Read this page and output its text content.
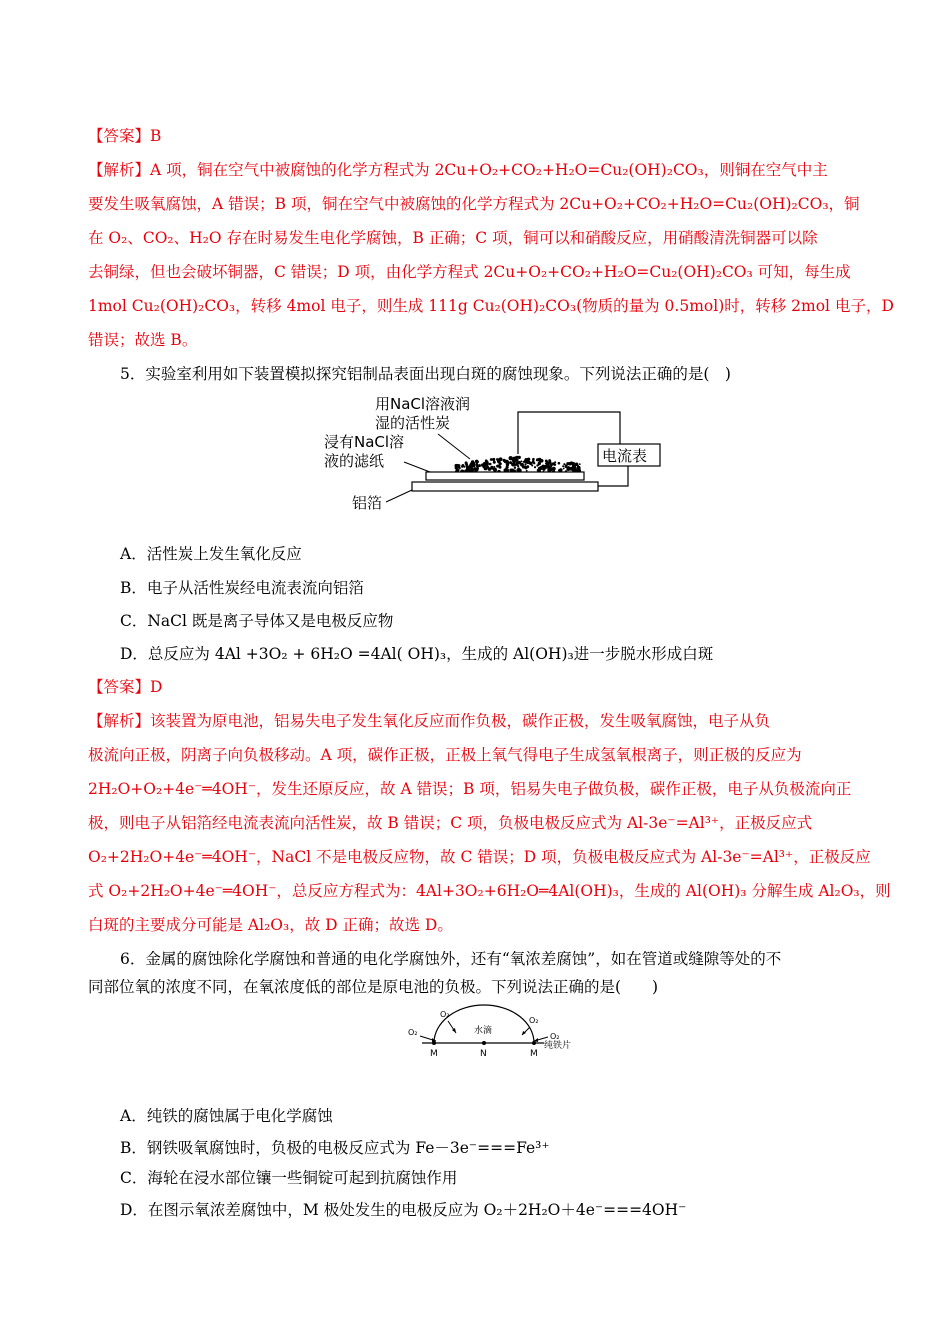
【答案】B
【解析】A 项，铜在空气中被腐蚀的化学方程式为 2Cu+O₂+CO₂+H₂O=Cu₂(OH)₂CO₃，则铜在空气中主
要发生吸氧腐蚀，A 错误；B 项，铜在空气中被腐蚀的化学方程式为 2Cu+O₂+CO₂+H₂O=Cu₂(OH)₂CO₃，铜
在 O₂、CO₂、H₂O 存在时易发生电化学腐蚀，B 正确；C 项，铜可以和硝酸反应，用硝酸清洗铜器可以除
去铜绿，但也会破坏铜器，C 错误；D 项，由化学方程式 2Cu+O₂+CO₂+H₂O=Cu₂(OH)₂CO₃ 可知，每生成
1mol Cu₂(OH)₂CO₃，转移 4mol 电子，则生成 111g Cu₂(OH)₂CO₃(物质的量为 0.5mol)时，转移 2mol 电子，D
错误；故选 B。
5．实验室利用如下装置模拟探究铝制品表面出现白斑的腐蚀现象。下列说法正确的是(　)
用NaCl溶液润
湿的活性炭
浸有NaCl溶
液的滤纸
铝箔
电流表
A．活性炭上发生氧化反应
B．电子从活性炭经电流表流向铝箔
C．NaCl 既是离子导体又是电极反应物
D．总反应为 4Al +3O₂ + 6H₂O =4Al( OH)₃，生成的 Al(OH)₃进一步脱水形成白斑
【答案】D
【解析】该装置为原电池，铝易失电子发生氧化反应而作负极，碳作正极，发生吸氧腐蚀，电子从负
极流向正极，阴离子向负极移动。A 项，碳作正极，正极上氧气得电子生成氢氧根离子，则正极的反应为
2H₂O+O₂+4e⁻═4OH⁻，发生还原反应，故 A 错误；B 项，铝易失电子做负极，碳作正极，电子从负极流向正
极，则电子从铝箔经电流表流向活性炭，故 B 错误；C 项，负极电极反应式为 Al-3e⁻=Al³⁺，正极反应式
O₂+2H₂O+4e⁻═4OH⁻，NaCl 不是电极反应物，故 C 错误；D 项，负极电极反应式为 Al-3e⁻=Al³⁺，正极反应
式 O₂+2H₂O+4e⁻═4OH⁻，总反应方程式为：4Al+3O₂+6H₂O═4Al(OH)₃，生成的 Al(OH)₃ 分解生成 Al₂O₃，则
白斑的主要成分可能是 Al₂O₃，故 D 正确；故选 D。
6．金属的腐蚀除化学腐蚀和普通的电化学腐蚀外，还有“氧浓差腐蚀”，如在管道或缝隙等处的不
同部位氧的浓度不同，在氧浓度低的部位是原电池的负极。下列说法正确的是(　　)
水滴
M	N	M
纯铁片
O₂
O₂
O₂	O₂
A．纯铁的腐蚀属于电化学腐蚀
B．钢铁吸氧腐蚀时，负极的电极反应式为 Fe－3e⁻===Fe³⁺
C．海轮在浸水部位镶一些铜锭可起到抗腐蚀作用
D．在图示氧浓差腐蚀中，M 极处发生的电极反应为 O₂＋2H₂O＋4e⁻===4OH⁻
